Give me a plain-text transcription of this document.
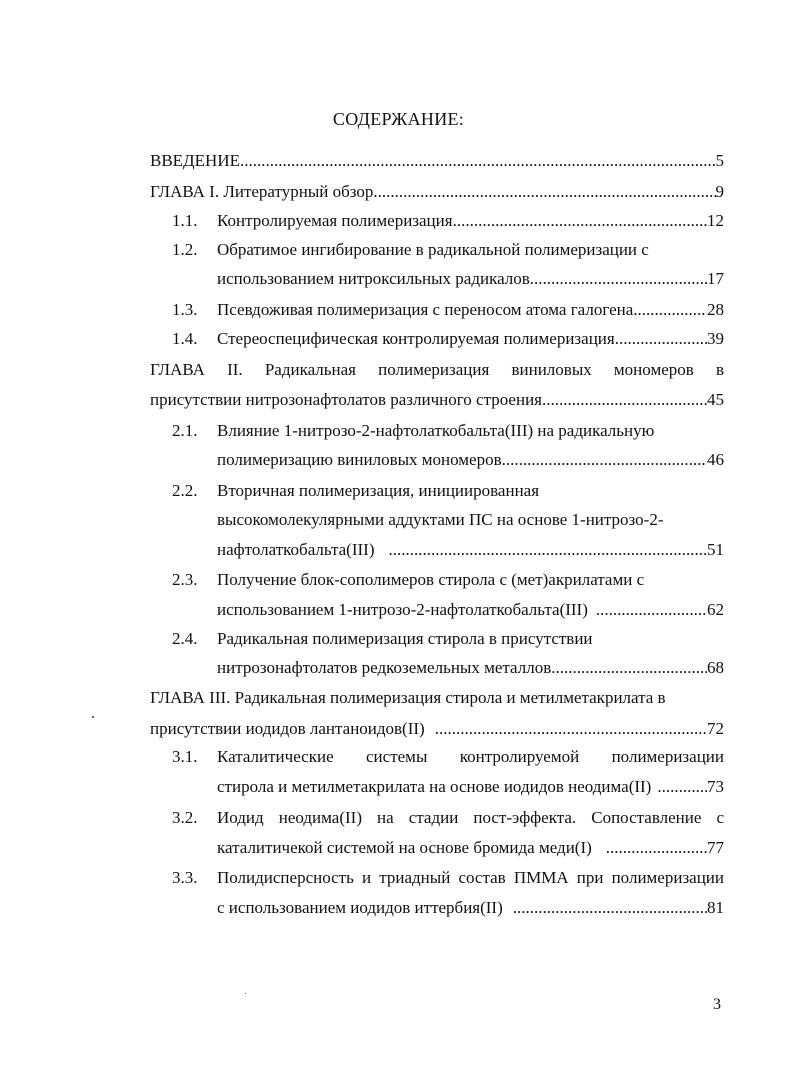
СОДЕРЖАНИЕ:
ВВЕДЕНИЕ .....	5
ГЛАВА I. Литературный обзор .....	9
1.1. Контролируемая полимеризация .....	12
1.2. Обратимое ингибирование в радикальной полимеризации с
использованием нитроксильных радикалов .....	17
1.3. Псевдоживая полимеризация с переносом атома галогена .....	28
1.4. Стереоспецифическая контролируемая полимеризация .....	39
ГЛАВА II. Радикальная полимеризация виниловых мономеров в
присутствии нитрозонафтолатов различного строения .....	45
2.1. Влияние 1-нитрозо-2-нафтолаткобальта(III) на радикальную
полимеризацию виниловых мономеров .....	46
2.2. Вторичная полимеризация, инициированная
высокомолекулярными аддуктами ПС на основе 1-нитрозо-2-
нафтолаткобальта(III) .....	51
2.3. Получение блок-сополимеров стирола с (мет)акрилатами с
использованием 1-нитрозо-2-нафтолаткобальта(III) .....	62
2.4. Радикальная полимеризация стирола в присутствии
нитрозонафтолатов редкоземельных металлов .....	68
ГЛАВА III. Радикальная полимеризация стирола и метилметакрилата в
присутствии иодидов лантаноидов(II) .....	72
3.1. Каталитические системы контролируемой полимеризации
стирола и метилметакрилата на основе иодидов неодима(II) .....	73
3.2. Иодид неодима(II) на стадии пост-эффекта. Сопоставление с
каталитичекой системой на основе бромида меди(I) .....	77
3.3. Полидисперсность и триадный состав ПММА при полимеризации
с использованием иодидов иттербия(II) .....	81
3
